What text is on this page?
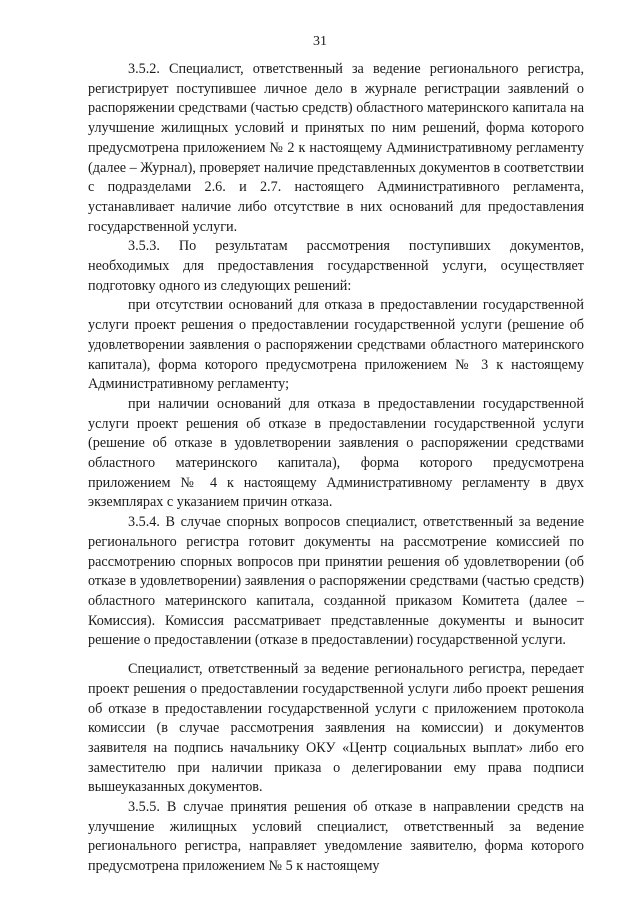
31

3.5.2. Специалист, ответственный за ведение регионального регистра, регистрирует поступившее личное дело в журнале регистрации заявлений о распоряжении средствами (частью средств) областного материнского капитала на улучшение жилищных условий и принятых по ним решений, форма которого предусмотрена приложением № 2 к настоящему Административному регламенту (далее – Журнал), проверяет наличие представленных документов в соответствии с подразделами 2.6. и 2.7. настоящего Административного регламента, устанавливает наличие либо отсутствие в них оснований для предоставления государственной услуги.

3.5.3. По результатам рассмотрения поступивших документов, необходимых для предоставления государственной услуги, осуществляет подготовку одного из следующих решений:

при отсутствии оснований для отказа в предоставлении государственной услуги проект решения о предоставлении государственной услуги (решение об удовлетворении заявления о распоряжении средствами областного материнского капитала), форма которого предусмотрена приложением № 3 к настоящему Административному регламенту;

при наличии оснований для отказа в предоставлении государственной услуги проект решения об отказе в предоставлении государственной услуги (решение об отказе в удовлетворении заявления о распоряжении средствами областного материнского капитала), форма которого предусмотрена приложением № 4 к настоящему Административному регламенту в двух экземплярах с указанием причин отказа.

3.5.4. В случае спорных вопросов специалист, ответственный за ведение регионального регистра готовит документы на рассмотрение комиссией по рассмотрению спорных вопросов при принятии решения об удовлетворении (об отказе в удовлетворении) заявления о распоряжении средствами (частью средств) областного материнского капитала, созданной приказом Комитета (далее – Комиссия). Комиссия рассматривает представленные документы и выносит решение о предоставлении (отказе в предоставлении) государственной услуги.

Специалист, ответственный за ведение регионального регистра, передает проект решения о предоставлении государственной услуги либо проект решения об отказе в предоставлении государственной услуги с приложением протокола комиссии (в случае рассмотрения заявления на комиссии) и документов заявителя на подпись начальнику ОКУ «Центр социальных выплат» либо его заместителю при наличии приказа о делегировании ему права подписи вышеуказанных документов.

3.5.5. В случае принятия решения об отказе в направлении средств на улучшение жилищных условий специалист, ответственный за ведение регионального регистра, направляет уведомление заявителю, форма которого предусмотрена приложением № 5 к настоящему
